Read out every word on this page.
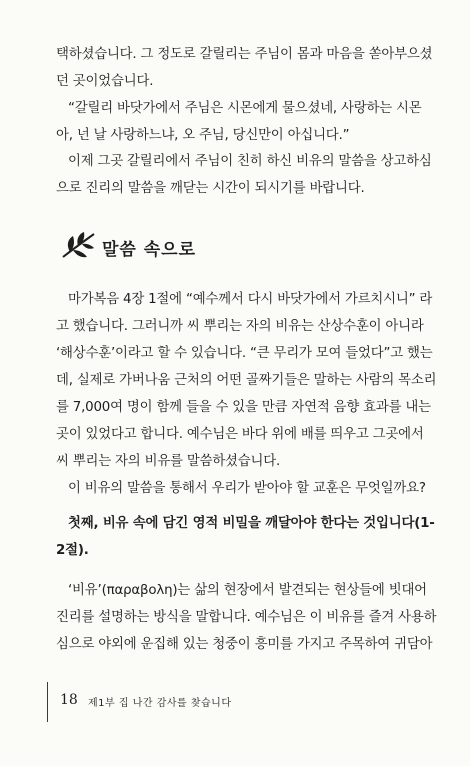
택하셨습니다. 그 정도로 갈릴리는 주님이 몸과 마음을 쏟아부으셨
던 곳이었습니다.
“갈릴리 바닷가에서 주님은 시몬에게 물으셨네, 사랑하는 시몬
아, 넌 날 사랑하느냐, 오 주님, 당신만이 아십니다.”
이제 그곳 갈릴리에서 주님이 친히 하신 비유의 말씀을 상고하심
으로 진리의 말씀을 깨닫는 시간이 되시기를 바랍니다.
말씀 속으로
마가복음 4장 1절에 “예수께서 다시 바닷가에서 가르치시니” 라
고 했습니다. 그러니까 씨 뿌리는 자의 비유는 산상수훈이 아니라
‘해상수훈’이라고 할 수 있습니다. “큰 무리가 모여 들었다”고 했는
데, 실제로 가버나움 근처의 어떤 골짜기들은 말하는 사람의 목소리
를 7,000여 명이 함께 들을 수 있을 만큼 자연적 음향 효과를 내는
곳이 있었다고 합니다. 예수님은 바다 위에 배를 띄우고 그곳에서
씨 뿌리는 자의 비유를 말씀하셨습니다.
이 비유의 말씀을 통해서 우리가 받아야 할 교훈은 무엇일까요?
첫째, 비유 속에 담긴 영적 비밀을 깨달아야 한다는 것입니다(1-
2절).
‘비유’(παραβολη)는 삶의 현장에서 발견되는 현상들에 빗대어
진리를 설명하는 방식을 말합니다. 예수님은 이 비유를 즐겨 사용하
심으로 야외에 운집해 있는 청중이 흥미를 가지고 주목하여 귀담아
18 제1부 집 나간 감사를 찾습니다
